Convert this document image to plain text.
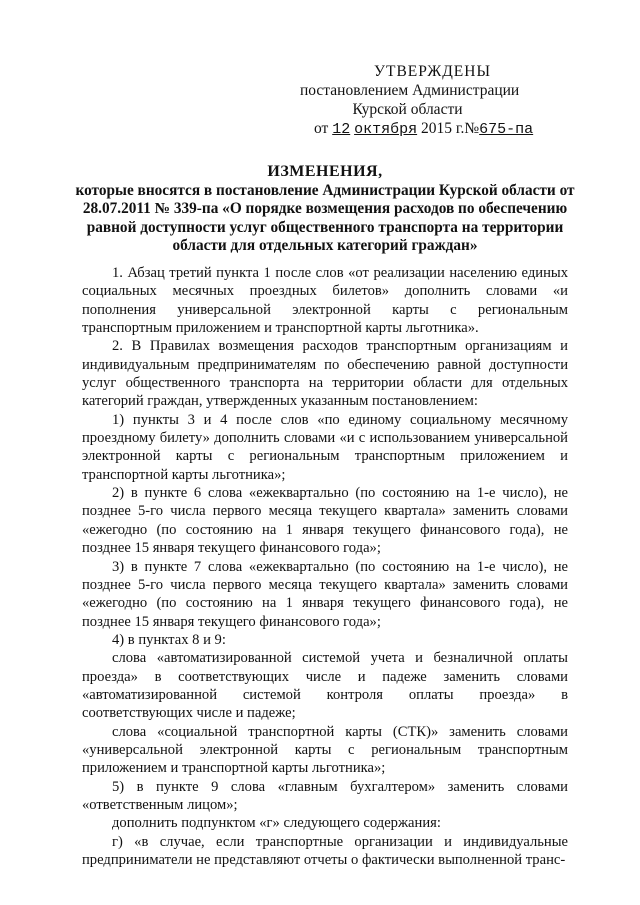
УТВЕРЖДЕНЫ
постановлением Администрации
Курской области
от 12 октября 2015 г.№675-па
ИЗМЕНЕНИЯ,
которые вносятся в постановление Администрации Курской области от 28.07.2011 № 339-па «О порядке возмещения расходов по обеспечению равной доступности услуг общественного транспорта на территории области для отдельных категорий граждан»

1. Абзац третий пункта 1 после слов «от реализации населению единых социальных месячных проездных билетов» дополнить словами «и пополнения универсальной электронной карты с региональным транспортным приложением и транспортной карты льготника».

2. В Правилах возмещения расходов транспортным организациям и индивидуальным предпринимателям по обеспечению равной доступности услуг общественного транспорта на территории области для отдельных категорий граждан, утвержденных указанным постановлением:

1) пункты 3 и 4 после слов «по единому социальному месячному проездному билету» дополнить словами «и с использованием универсальной электронной карты с региональным транспортным приложением и транспортной карты льготника»;

2) в пункте 6 слова «ежеквартально (по состоянию на 1-е число), не позднее 5-го числа первого месяца текущего квартала» заменить словами «ежегодно (по состоянию на 1 января текущего финансового года), не позднее 15 января текущего финансового года»;

3) в пункте 7 слова «ежеквартально (по состоянию на 1-е число), не позднее 5-го числа первого месяца текущего квартала» заменить словами «ежегодно (по состоянию на 1 января текущего финансового года), не позднее 15 января текущего финансового года»;

4) в пунктах 8 и 9:

слова «автоматизированной системой учета и безналичной оплаты проезда» в соответствующих числе и падеже заменить словами «автоматизированной системой контроля оплаты проезда» в соответствующих числе и падеже;

слова «социальной транспортной карты (СТК)» заменить словами «универсальной электронной карты с региональным транспортным приложением и транспортной карты льготника»;

5) в пункте 9 слова «главным бухгалтером» заменить словами «ответственным лицом»;

дополнить подпунктом «г» следующего содержания:

г) «в случае, если транспортные организации и индивидуальные предприниматели не представляют отчеты о фактически выполненной транс-
